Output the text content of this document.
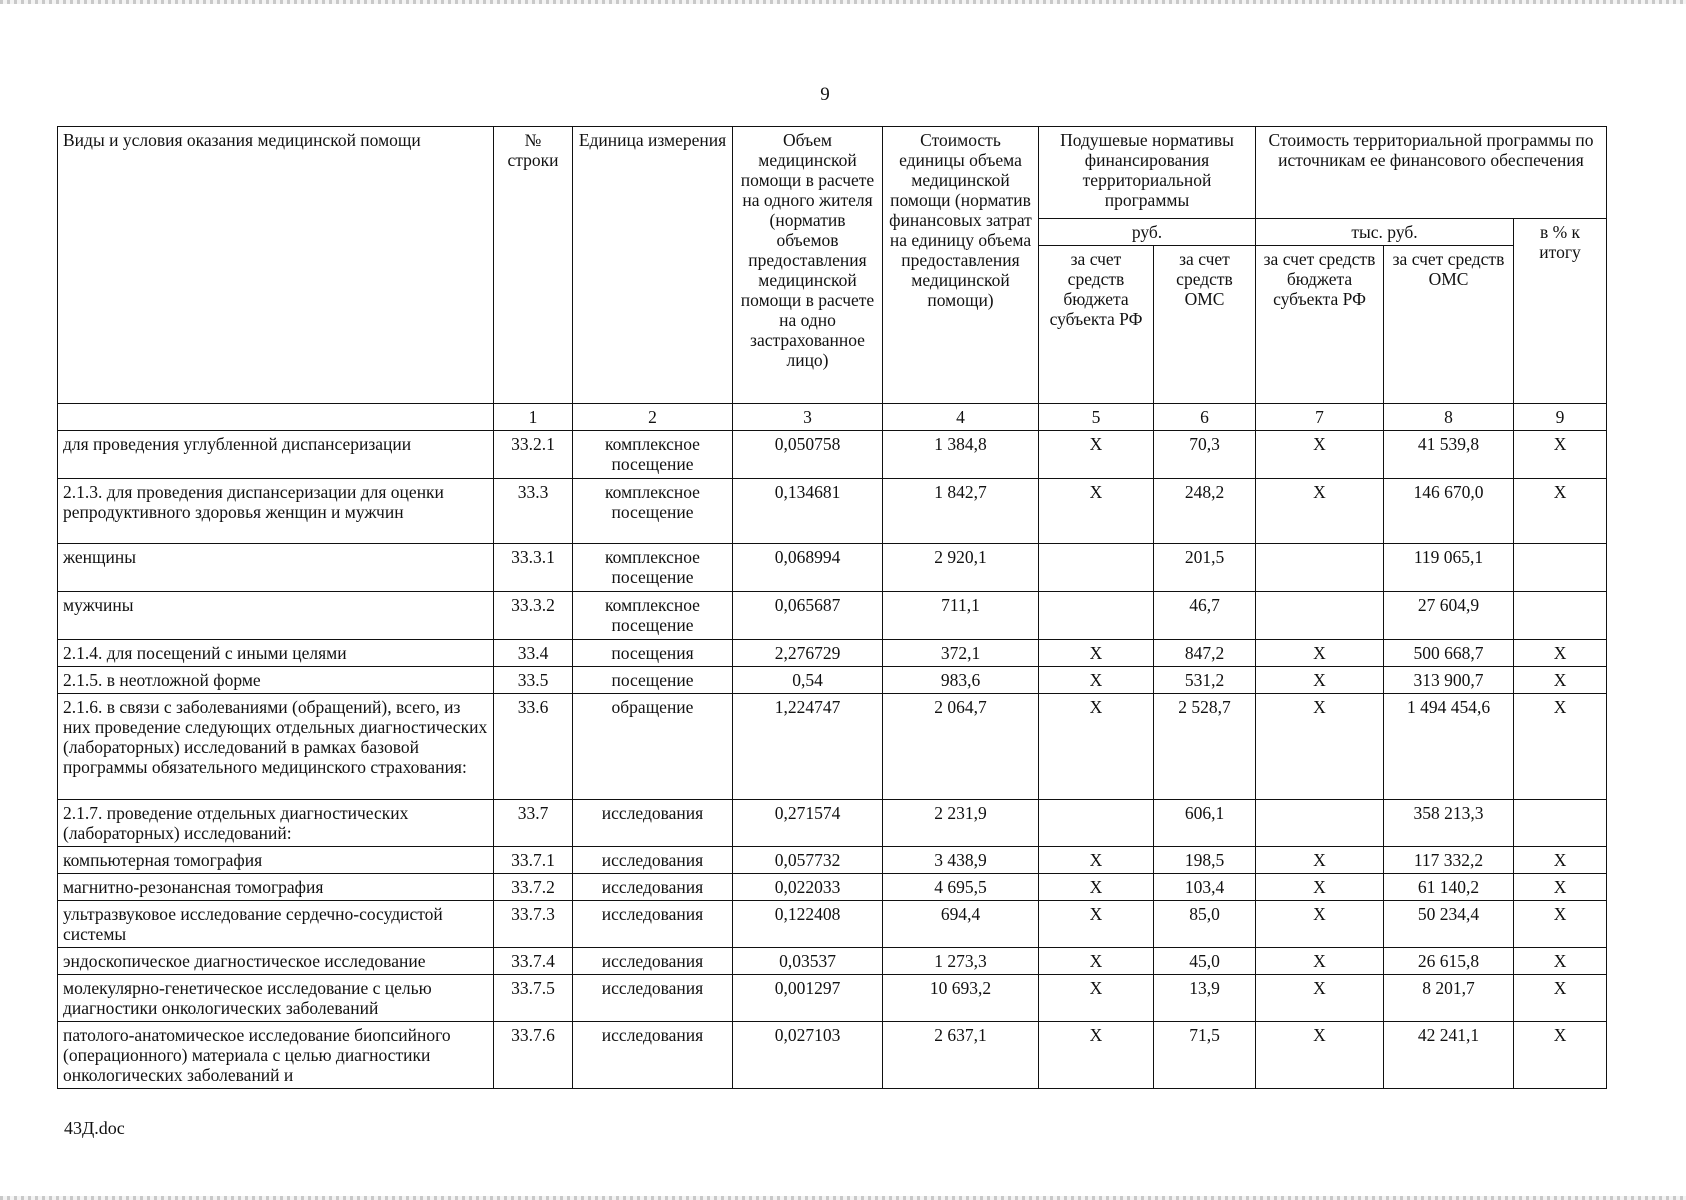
9
Виды и условия оказания медицинской помощи	№ строки	Единица измерения	Объем медицинской помощи в расчете на одного жителя (норматив объемов предоставления медицинской помощи в расчете на одно застрахованное лицо)	Стоимость единицы объема медицинской помощи (норматив финансовых затрат на единицу объема предоставления медицинской помощи)	Подушевые нормативы финансирования территориальной программы		Стоимость территориальной программы по источникам ее финансового обеспечения		
					руб.		тыс. руб.		в % к итогу
					за счет средств бюджета субъекта РФ	за счет средств ОМС	за счет средств бюджета субъекта РФ	за счет средств ОМС	
	1	2	3	4	5	6	7	8	9
для проведения углубленной диспансеризации	33.2.1	комплексное посещение	0,050758	1 384,8	Х	70,3	Х	41 539,8	Х
2.1.3. для проведения диспансеризации для оценки репродуктивного здоровья женщин и мужчин	33.3	комплексное посещение	0,134681	1 842,7	Х	248,2	Х	146 670,0	Х
женщины	33.3.1	комплексное посещение	0,068994	2 920,1		201,5		119 065,1	
мужчины	33.3.2	комплексное посещение	0,065687	711,1		46,7		27 604,9	
2.1.4. для посещений с иными целями	33.4	посещения	2,276729	372,1	Х	847,2	Х	500 668,7	Х
2.1.5. в неотложной форме	33.5	посещение	0,54	983,6	Х	531,2	Х	313 900,7	Х
2.1.6. в связи с заболеваниями (обращений), всего, из них проведение следующих отдельных диагностических (лабораторных) исследований в рамках базовой программы обязательного медицинского страхования:	33.6	обращение	1,224747	2 064,7	Х	2 528,7	Х	1 494 454,6	Х
2.1.7. проведение отдельных диагностических (лабораторных) исследований:	33.7	исследования	0,271574	2 231,9		606,1		358 213,3	
компьютерная томография	33.7.1	исследования	0,057732	3 438,9	Х	198,5	Х	117 332,2	Х
магнитно-резонансная томография	33.7.2	исследования	0,022033	4 695,5	Х	103,4	Х	61 140,2	Х
ультразвуковое исследование сердечно-сосудистой системы	33.7.3	исследования	0,122408	694,4	Х	85,0	Х	50 234,4	Х
эндоскопическое диагностическое исследование	33.7.4	исследования	0,03537	1 273,3	Х	45,0	Х	26 615,8	Х
молекулярно-генетическое исследование с целью диагностики онкологических заболеваний	33.7.5	исследования	0,001297	10 693,2	Х	13,9	Х	8 201,7	Х
патолого-анатомическое исследование биопсийного (операционного) материала с целью диагностики онкологических заболеваний и	33.7.6	исследования	0,027103	2 637,1	Х	71,5	Х	42 241,1	Х
43Д.doc
